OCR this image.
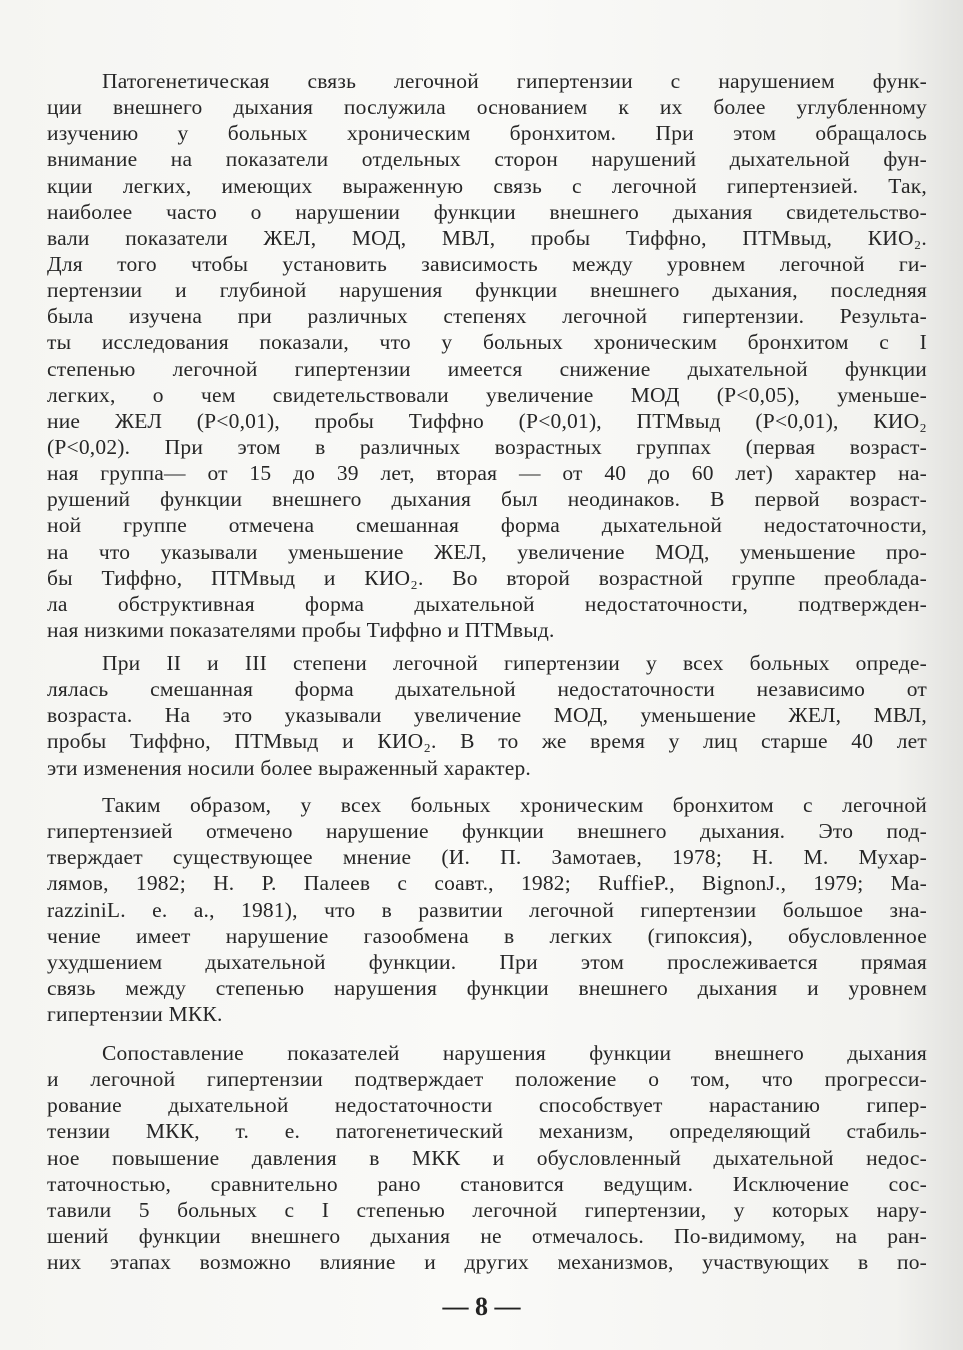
Патогенетическая связь легочной гипертензии с нарушением функ-
ции внешнего дыхания послужила основанием к их более углубленному
изучению у больных хроническим бронхитом. При этом обращалось
внимание на показатели отдельных сторон нарушений дыхательной фун-
кции легких, имеющих выраженную связь с легочной гипертензией. Так,
наиболее часто о нарушении функции внешнего дыхания свидетельство-
вали показатели ЖЕЛ, МОД, МВЛ, пробы Тиффно, ПТМвыд, КИО₂.
Для того чтобы установить зависимость между уровнем легочной ги-
пертензии и глубиной нарушения функции внешнего дыхания, последняя
была изучена при различных степенях легочной гипертензии. Результа-
ты исследования показали, что у больных хроническим бронхитом с I
степенью легочной гипертензии имеется снижение дыхательной функции
легких, о чем свидетельствовали увеличение МОД (P<0,05), уменьше-
ние ЖЕЛ (P<0,01), пробы Тиффно (P<0,01), ПТМвыд (P<0,01), КИО₂
(P<0,02). При этом в различных возрастных группах (первая возраст-
ная группа— от 15 до 39 лет, вторая — от 40 до 60 лет) характер на-
рушений функции внешнего дыхания был неодинаков. В первой возраст-
ной группе отмечена смешанная форма дыхательной недостаточности,
на что указывали уменьшение ЖЕЛ, увеличение МОД, уменьшение про-
бы Тиффно, ПТМвыд и КИО₂. Во второй возрастной группе преоблада-
ла обструктивная форма дыхательной недостаточности, подтвержден-
ная низкими показателями пробы Тиффно и ПТМвыд.
При II и III степени легочной гипертензии у всех больных опреде-
лялась смешанная форма дыхательной недостаточности независимо от
возраста. На это указывали увеличение МОД, уменьшение ЖЕЛ, МВЛ,
пробы Тиффно, ПТМвыд и КИО₂. В то же время у лиц старше 40 лет
эти изменения носили более выраженный характер.
Таким образом, у всех больных хроническим бронхитом с легочной
гипертензией отмечено нарушение функции внешнего дыхания. Это под-
тверждает существующее мнение (И. П. Замотаев, 1978; Н. М. Мухар-
лямов, 1982; Н. Р. Палеев с соавт., 1982; RuffieP., BignonJ., 1979; Ma-
razziniL. e. a., 1981), что в развитии легочной гипертензии большое зна-
чение имеет нарушение газообмена в легких (гипоксия), обусловленное
ухудшением дыхательной функции. При этом прослеживается прямая
связь между степенью нарушения функции внешнего дыхания и уровнем
гипертензии МКК.
Сопоставление показателей нарушения функции внешнего дыхания
и легочной гипертензии подтверждает положение о том, что прогресси-
рование дыхательной недостаточности способствует нарастанию гипер-
тензии МКК, т. е. патогенетический механизм, определяющий стабиль-
ное повышение давления в МКК и обусловленный дыхательной недос-
таточностью, сравнительно рано становится ведущим. Исключение сос-
тавили 5 больных с I степенью легочной гипертензии, у которых нару-
шений функции внешнего дыхания не отмечалось. По-видимому, на ран-
них этапах возможно влияние и других механизмов, участвующих в по-
— 8 —
